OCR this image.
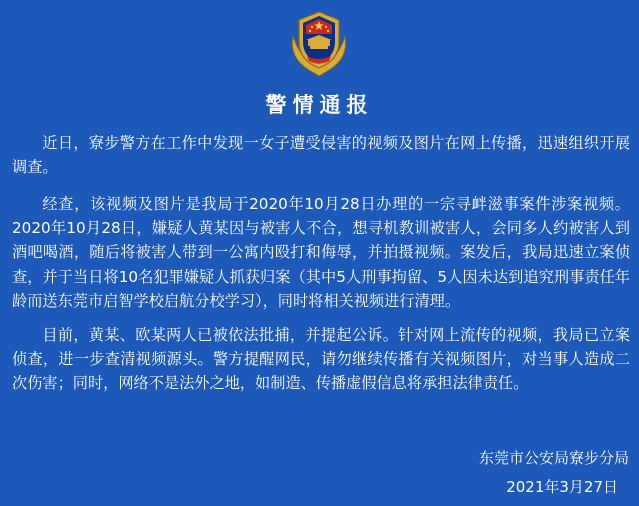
警情通报

近日，寮步警方在工作中发现一女子遭受侵害的视频及图片在网上传播，迅速组织开展调查。

经查，该视频及图片是我局于2020年10月28日办理的一宗寻衅滋事案件涉案视频。2020年10月28日，嫌疑人黄某因与被害人不合，想寻机教训被害人，会同多人约被害人到酒吧喝酒，随后将被害人带到一公寓内殴打和侮辱，并拍摄视频。案发后，我局迅速立案侦查，并于当日将10名犯罪嫌疑人抓获归案（其中5人刑事拘留、5人因未达到追究刑事责任年龄而送东莞市启智学校启航分校学习），同时将相关视频进行清理。

目前，黄某、欧某两人已被依法批捕，并提起公诉。针对网上流传的视频，我局已立案侦查，进一步查清视频源头。警方提醒网民，请勿继续传播有关视频图片，对当事人造成二次伤害；同时，网络不是法外之地，如制造、传播虚假信息将承担法律责任。

东莞市公安局寮步分局
2021年3月27日
